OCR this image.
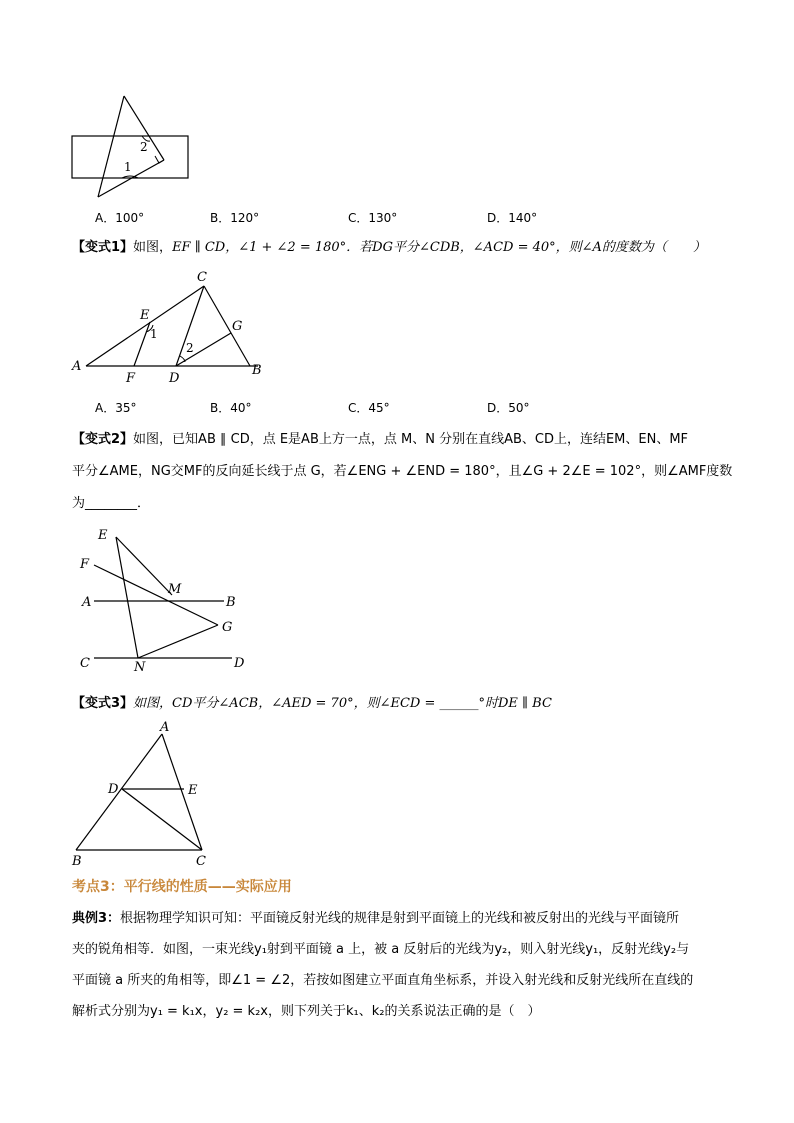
2
1
A．100°	B．120°	C．130°	D．140°
【变式1】如图，EF ∥ CD，∠1 + ∠2 = 180°．若DG平分∠CDB，∠ACD = 40°，则∠A的度数为（　　）
C
E
G
A
F	D
B
1
2
A．35°	B．40°	C．45°	D．50°
【变式2】如图，已知AB ∥ CD，点 E是AB上方一点，点 M、N 分别在直线AB、CD上，连结EM、EN、MF
平分∠AME，NG交MF的反向延长线于点 G，若∠ENG + ∠END = 180°，且∠G + 2∠E = 102°，则∠AMF度数
为________．
E
F
M
A	B
G
C	N	D
【变式3】如图，CD平分∠ACB，∠AED = 70°，则∠ECD = ______°时DE ∥ BC
A
D	E
B	C
考点3：平行线的性质——实际应用
典例3：根据物理学知识可知：平面镜反射光线的规律是射到平面镜上的光线和被反射出的光线与平面镜所
夹的锐角相等．如图，一束光线y₁射到平面镜 a 上，被 a 反射后的光线为y₂，则入射光线y₁，反射光线y₂与
平面镜 a 所夹的角相等，即∠1 = ∠2，若按如图建立平面直角坐标系，并设入射光线和反射光线所在直线的
解析式分别为y₁ = k₁x，y₂ = k₂x，则下列关于k₁、k₂的关系说法正确的是（　）
